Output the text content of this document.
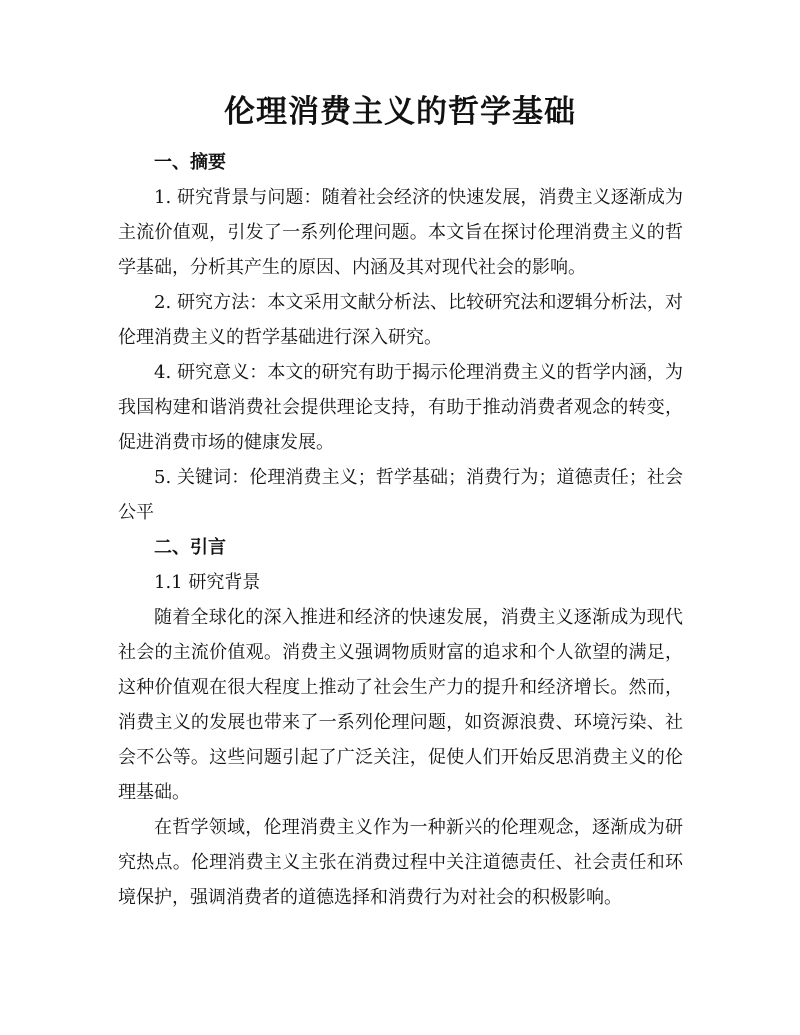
伦理消费主义的哲学基础

一、摘要

1. 研究背景与问题：随着社会经济的快速发展，消费主义逐渐成为主流价值观，引发了一系列伦理问题。本文旨在探讨伦理消费主义的哲学基础，分析其产生的原因、内涵及其对现代社会的影响。

2. 研究方法：本文采用文献分析法、比较研究法和逻辑分析法，对伦理消费主义的哲学基础进行深入研究。

4. 研究意义：本文的研究有助于揭示伦理消费主义的哲学内涵，为我国构建和谐消费社会提供理论支持，有助于推动消费者观念的转变，促进消费市场的健康发展。

5. 关键词：伦理消费主义；哲学基础；消费行为；道德责任；社会公平

二、引言

1.1 研究背景

随着全球化的深入推进和经济的快速发展，消费主义逐渐成为现代社会的主流价值观。消费主义强调物质财富的追求和个人欲望的满足，这种价值观在很大程度上推动了社会生产力的提升和经济增长。然而，消费主义的发展也带来了一系列伦理问题，如资源浪费、环境污染、社会不公等。这些问题引起了广泛关注，促使人们开始反思消费主义的伦理基础。

在哲学领域，伦理消费主义作为一种新兴的伦理观念，逐渐成为研究热点。伦理消费主义主张在消费过程中关注道德责任、社会责任和环境保护，强调消费者的道德选择和消费行为对社会的积极影响。
